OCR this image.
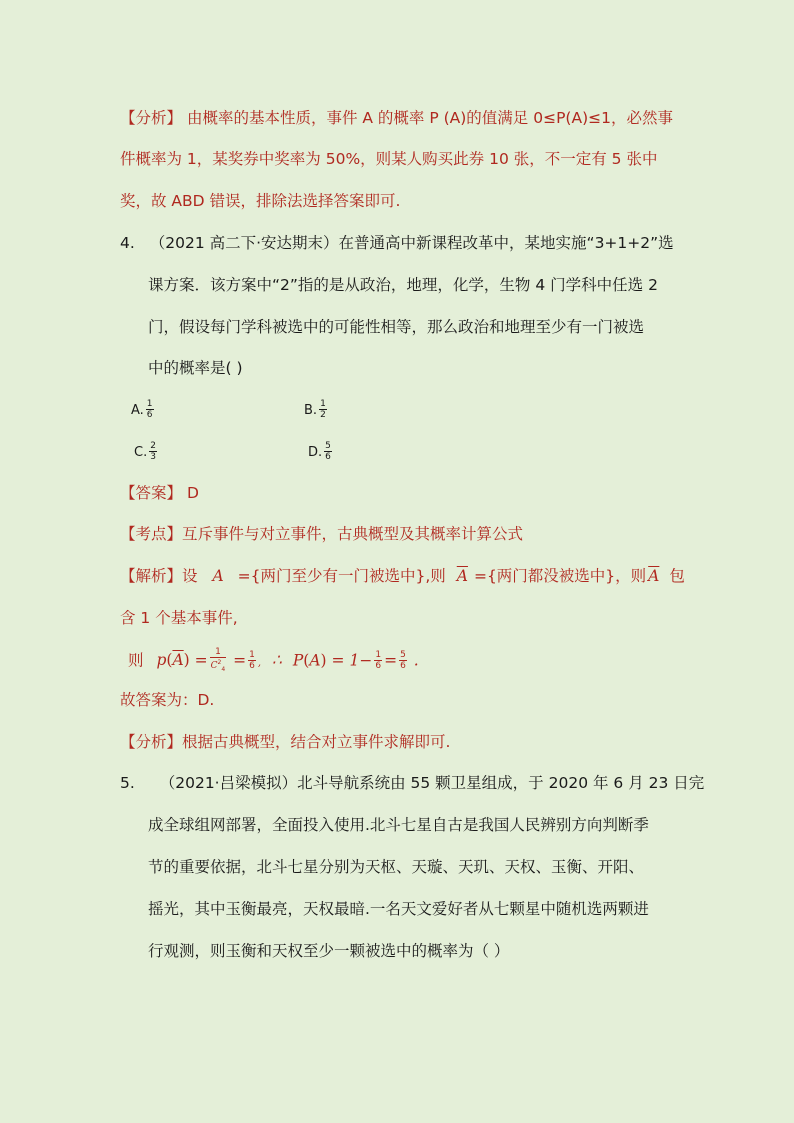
【分析】 由概率的基本性质，事件 A 的概率 P (A)的值满足 0≤P(A)≤1，必然事
件概率为 1，某奖券中奖率为 50%，则某人购买此券 10 张，不一定有 5 张中
奖，故 ABD 错误，排除法选择答案即可.
4. （2021 高二下·安达期末）在普通高中新课程改革中，某地实施“3+1+2”选
课方案．该方案中“2”指的是从政治，地理，化学，生物 4 门学科中任选 2
门，假设每门学科被选中的可能性相等，那么政治和地理至少有一门被选
中的概率是( )
A. $\frac{1}{6}$	B. $\frac{1}{2}$
C. $\frac{2}{3}$	D. $\frac{5}{6}$
【答案】 D
【考点】互斥事件与对立事件，古典概型及其概率计算公式
【解析】设 A ={两门至少有一门被选中},则 $\overline{A}$ ={两门都没被选中}，则 $\overline{A}$ 包
含 1 个基本事件,
则 $p(\overline{A}) = \frac{1}{C^2_4} = \frac{1}{6}$ , ∴ $P(A) = 1- \frac{1}{6} = \frac{5}{6}$ .
故答案为：D.
【分析】根据古典概型，结合对立事件求解即可.
5. （2021·吕梁模拟）北斗导航系统由 55 颗卫星组成，于 2020 年 6 月 23 日完
成全球组网部署，全面投入使用.北斗七星自古是我国人民辨别方向判断季
节的重要依据，北斗七星分别为天枢、天璇、天玑、天权、玉衡、开阳、
摇光，其中玉衡最亮，天权最暗.一名天文爱好者从七颗星中随机选两颗进
行观测，则玉衡和天权至少一颗被选中的概率为（ ）
